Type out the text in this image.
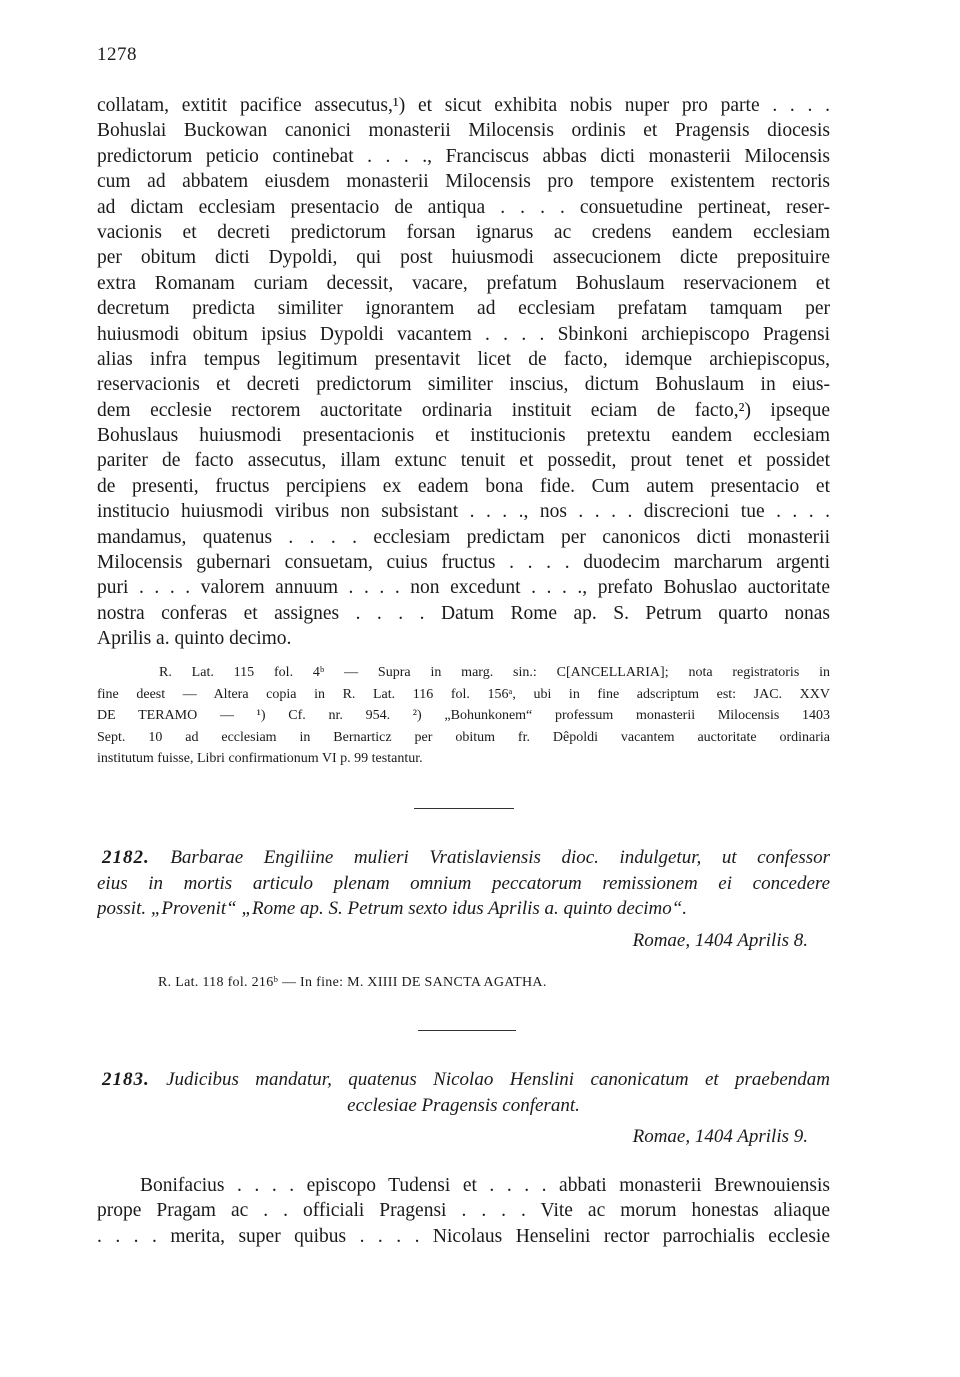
1278
collatam, extitit pacifice assecutus,¹) et sicut exhibita nobis nuper pro parte . . . .
Bohuslai Buckowan canonici monasterii Milocensis ordinis et Pragensis diocesis
predictorum peticio continebat . . . ., Franciscus abbas dicti monasterii Milocensis
cum ad abbatem eiusdem monasterii Milocensis pro tempore existentem rectoris
ad dictam ecclesiam presentacio de antiqua . . . . consuetudine pertineat, reser-
vacionis et decreti predictorum forsan ignarus ac credens eandem ecclesiam
per obitum dicti Dypoldi, qui post huiusmodi assecucionem dicte preposituire
extra Romanam curiam decessit, vacare, prefatum Bohuslaum reservacionem et
decretum predicta similiter ignorantem ad ecclesiam prefatam tamquam per
huiusmodi obitum ipsius Dypoldi vacantem . . . . Sbinkoni archiepiscopo Pragensi
alias infra tempus legitimum presentavit licet de facto, idemque archiepiscopus,
reservacionis et decreti predictorum similiter inscius, dictum Bohuslaum in eius-
dem ecclesie rectorem auctoritate ordinaria instituit eciam de facto,²) ipseque
Bohuslaus huiusmodi presentacionis et institucionis pretextu eandem ecclesiam
pariter de facto assecutus, illam extunc tenuit et possedit, prout tenet et possidet
de presenti, fructus percipiens ex eadem bona fide. Cum autem presentacio et
institucio huiusmodi viribus non subsistant . . . ., nos . . . . discrecioni tue . . . .
mandamus, quatenus . . . . ecclesiam predictam per canonicos dicti monasterii
Milocensis gubernari consuetam, cuius fructus . . . . duodecim marcharum argenti
puri . . . . valorem annuum . . . . non excedunt . . . ., prefato Bohuslao auctoritate
nostra conferas et assignes . . . . Datum Rome ap. S. Petrum quarto nonas
Aprilis a. quinto decimo.
R. Lat. 115 fol. 4ᵇ — Supra in marg. sin.: C[ANCELLARIA]; nota registratoris in
fine deest — Altera copia in R. Lat. 116 fol. 156ᵃ, ubi in fine adscriptum est: JAC. XXV
DE TERAMO — ¹) Cf. nr. 954. ²) „Bohunkonem“ professum monasterii Milocensis 1403
Sept. 10 ad ecclesiam in Bernarticz per obitum fr. Dêpoldi vacantem auctoritate ordinaria
institutum fuisse, Libri confirmationum VI p. 99 testantur.
2182. Barbarae Engiliine mulieri Vratislaviensis dioc. indulgetur, ut confessor
eius in mortis articulo plenam omnium peccatorum remissionem ei concedere
possit. „Provenit“ „Rome ap. S. Petrum sexto idus Aprilis a. quinto decimo“.
Romae, 1404 Aprilis 8.
R. Lat. 118 fol. 216ᵇ — In fine: M. XIIII DE SANCTA AGATHA.
2183. Judicibus mandatur, quatenus Nicolao Henslini canonicatum et praebendam
ecclesiae Pragensis conferant.
Romae, 1404 Aprilis 9.
Bonifacius . . . . episcopo Tudensi et . . . . abbati monasterii Brewnouiensis
prope Pragam ac . . officiali Pragensi . . . . Vite ac morum honestas aliaque
. . . . merita, super quibus . . . . Nicolaus Henselini rector parrochialis ecclesie
